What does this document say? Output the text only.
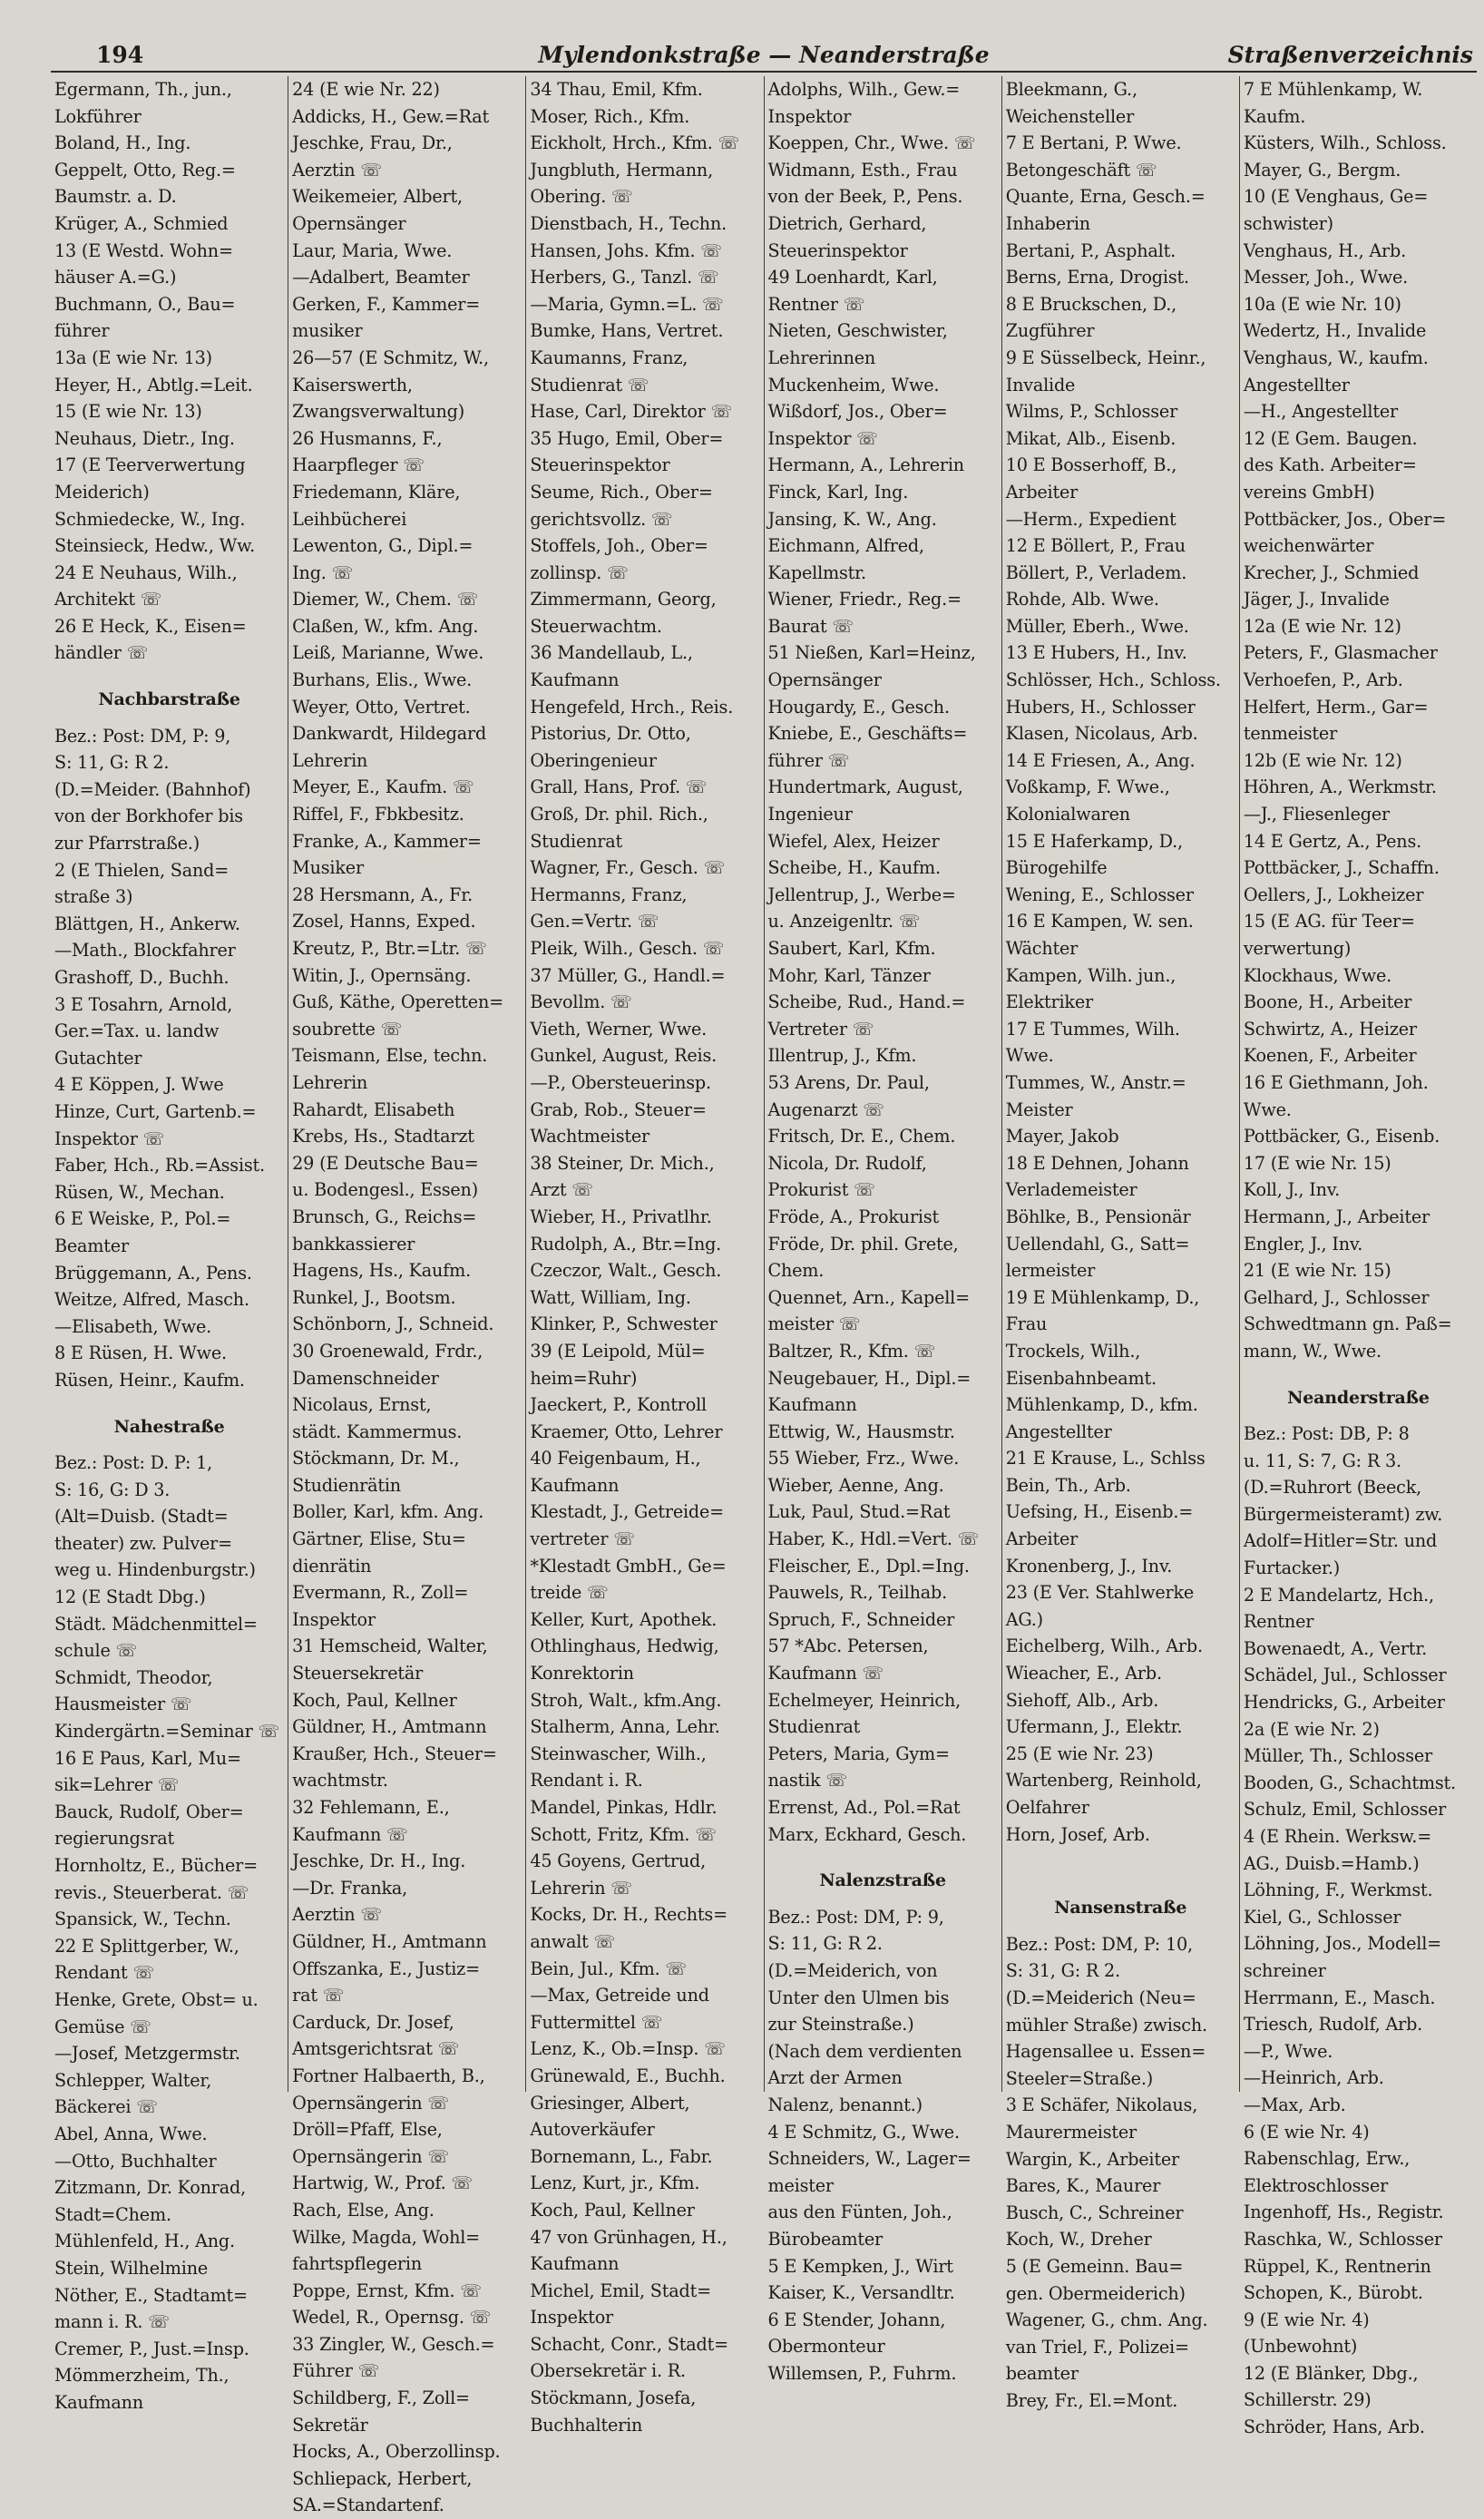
194	Mylendonkstraße — Neanderstraße	Straßenverzeichnis
Egermann, Th., jun.,
Lokführer
Boland, H., Ing.
Geppelt, Otto, Reg.=
Baumstr. a. D.
Krüger, A., Schmied
13 (E Westd. Wohn=
häuser A.=G.)
Buchmann, O., Bau=
führer
13a (E wie Nr. 13)
Heyer, H., Abtlg.=Leit.
15 (E wie Nr. 13)
Neuhaus, Dietr., Ing.
17 (E Teerverwertung
Meiderich)
Schmiedecke, W., Ing.
Steinsieck, Hedw., Ww.
24 E Neuhaus, Wilh.,
Architekt ☏
26 E Heck, K., Eisen=
händler ☏
Nachbarstraße
Bez.: Post: DM, P: 9,
S: 11, G: R 2.
(D.=Meider. (Bahnhof)
von der Borkhofer bis
zur Pfarrstraße.)
2 (E Thielen, Sand=
straße 3)
Blättgen, H., Ankerw.
—Math., Blockfahrer
Grashoff, D., Buchh.
3 E Tosahrn, Arnold,
Ger.=Tax. u. landw
Gutachter
4 E Köppen, J. Wwe
Hinze, Curt, Gartenb.=
Inspektor ☏
Faber, Hch., Rb.=Assist.
Rüsen, W., Mechan.
6 E Weiske, P., Pol.=
Beamter
Brüggemann, A., Pens.
Weitze, Alfred, Masch.
—Elisabeth, Wwe.
8 E Rüsen, H. Wwe.
Rüsen, Heinr., Kaufm.
Nahestraße
Bez.: Post: D. P: 1,
S: 16, G: D 3.
(Alt=Duisb. (Stadt=
theater) zw. Pulver=
weg u. Hindenburgstr.)
12 (E Stadt Dbg.)
Städt. Mädchenmittel=
schule ☏
Schmidt, Theodor,
Hausmeister ☏
Kindergärtn.=Seminar ☏
16 E Paus, Karl, Mu=
sik=Lehrer ☏
Bauck, Rudolf, Ober=
regierungsrat
Hornholtz, E., Bücher=
revis., Steuerberat. ☏
Spansick, W., Techn.
22 E Splittgerber, W.,
Rendant ☏
Henke, Grete, Obst= u.
Gemüse ☏
—Josef, Metzgermstr.
Schlepper, Walter,
Bäckerei ☏
Abel, Anna, Wwe.
—Otto, Buchhalter
Zitzmann, Dr. Konrad,
Stadt=Chem.
Mühlenfeld, H., Ang.
Stein, Wilhelmine
Nöther, E., Stadtamt=
mann i. R. ☏
Cremer, P., Just.=Insp.
Mömmerzheim, Th.,
Kaufmann
24 (E wie Nr. 22)
Addicks, H., Gew.=Rat
Jeschke, Frau, Dr.,
Aerztin ☏
Weikemeier, Albert,
Opernsänger
Laur, Maria, Wwe.
—Adalbert, Beamter
Gerken, F., Kammer=
musiker
26—57 (E Schmitz, W.,
Kaiserswerth,
Zwangsverwaltung)
26 Husmanns, F.,
Haarpfleger ☏
Friedemann, Kläre,
Leihbücherei
Lewenton, G., Dipl.=
Ing. ☏
Diemer, W., Chem. ☏
Claßen, W., kfm. Ang.
Leiß, Marianne, Wwe.
Burhans, Elis., Wwe.
Weyer, Otto, Vertret.
Dankwardt, Hildegard
Lehrerin
Meyer, E., Kaufm. ☏
Riffel, F., Fbkbesitz.
Franke, A., Kammer=
Musiker
28 Hersmann, A., Fr.
Zosel, Hanns, Exped.
Kreutz, P., Btr.=Ltr. ☏
Witin, J., Opernsäng.
Guß, Käthe, Operetten=
soubrette ☏
Teismann, Else, techn.
Lehrerin
Rahardt, Elisabeth
Krebs, Hs., Stadtarzt
29 (E Deutsche Bau=
u. Bodengesl., Essen)
Brunsch, G., Reichs=
bankkassierer
Hagens, Hs., Kaufm.
Runkel, J., Bootsm.
Schönborn, J., Schneid.
30 Groenewald, Frdr.,
Damenschneider
Nicolaus, Ernst,
städt. Kammermus.
Stöckmann, Dr. M.,
Studienrätin
Boller, Karl, kfm. Ang.
Gärtner, Elise, Stu=
dienrätin
Evermann, R., Zoll=
Inspektor
31 Hemscheid, Walter,
Steuersekretär
Koch, Paul, Kellner
Güldner, H., Amtmann
Kraußer, Hch., Steuer=
wachtmstr.
32 Fehlemann, E.,
Kaufmann ☏
Jeschke, Dr. H., Ing.
—Dr. Franka,
Aerztin ☏
Güldner, H., Amtmann
Offszanka, E., Justiz=
rat ☏
Carduck, Dr. Josef,
Amtsgerichtsrat ☏
Fortner Halbaerth, B.,
Opernsängerin ☏
Dröll=Pfaff, Else,
Opernsängerin ☏
Hartwig, W., Prof. ☏
Rach, Else, Ang.
Wilke, Magda, Wohl=
fahrtspflegerin
Poppe, Ernst, Kfm. ☏
Wedel, R., Opernsg. ☏
33 Zingler, W., Gesch.=
Führer ☏
Schildberg, F., Zoll=
Sekretär
Hocks, A., Oberzollinsp.
Schliepack, Herbert,
SA.=Standartenf.
34 Thau, Emil, Kfm.
Moser, Rich., Kfm.
Eickholt, Hrch., Kfm. ☏
Jungbluth, Hermann,
Obering. ☏
Dienstbach, H., Techn.
Hansen, Johs. Kfm. ☏
Herbers, G., Tanzl. ☏
—Maria, Gymn.=L. ☏
Bumke, Hans, Vertret.
Kaumanns, Franz,
Studienrat ☏
Hase, Carl, Direktor ☏
35 Hugo, Emil, Ober=
Steuerinspektor
Seume, Rich., Ober=
gerichtsvollz. ☏
Stoffels, Joh., Ober=
zollinsp. ☏
Zimmermann, Georg,
Steuerwachtm.
36 Mandellaub, L.,
Kaufmann
Hengefeld, Hrch., Reis.
Pistorius, Dr. Otto,
Oberingenieur
Grall, Hans, Prof. ☏
Groß, Dr. phil. Rich.,
Studienrat
Wagner, Fr., Gesch. ☏
Hermanns, Franz,
Gen.=Vertr. ☏
Pleik, Wilh., Gesch. ☏
37 Müller, G., Handl.=
Bevollm. ☏
Vieth, Werner, Wwe.
Gunkel, August, Reis.
—P., Obersteuerinsp.
Grab, Rob., Steuer=
Wachtmeister
38 Steiner, Dr. Mich.,
Arzt ☏
Wieber, H., Privatlhr.
Rudolph, A., Btr.=Ing.
Czeczor, Walt., Gesch.
Watt, William, Ing.
Klinker, P., Schwester
39 (E Leipold, Mül=
heim=Ruhr)
Jaeckert, P., Kontroll
Kraemer, Otto, Lehrer
40 Feigenbaum, H.,
Kaufmann
Klestadt, J., Getreide=
vertreter ☏
*Klestadt GmbH., Ge=
treide ☏
Keller, Kurt, Apothek.
Othlinghaus, Hedwig,
Konrektorin
Stroh, Walt., kfm.Ang.
Stalherm, Anna, Lehr.
Steinwascher, Wilh.,
Rendant i. R.
Mandel, Pinkas, Hdlr.
Schott, Fritz, Kfm. ☏
45 Goyens, Gertrud,
Lehrerin ☏
Kocks, Dr. H., Rechts=
anwalt ☏
Bein, Jul., Kfm. ☏
—Max, Getreide und
Futtermittel ☏
Lenz, K., Ob.=Insp. ☏
Grünewald, E., Buchh.
Griesinger, Albert,
Autoverkäufer
Bornemann, L., Fabr.
Lenz, Kurt, jr., Kfm.
Koch, Paul, Kellner
47 von Grünhagen, H.,
Kaufmann
Michel, Emil, Stadt=
Inspektor
Schacht, Conr., Stadt=
Obersekretär i. R.
Stöckmann, Josefa,
Buchhalterin
Adolphs, Wilh., Gew.=
Inspektor
Koeppen, Chr., Wwe. ☏
Widmann, Esth., Frau
von der Beek, P., Pens.
Dietrich, Gerhard,
Steuerinspektor
49 Loenhardt, Karl,
Rentner ☏
Nieten, Geschwister,
Lehrerinnen
Muckenheim, Wwe.
Wißdorf, Jos., Ober=
Inspektor ☏
Hermann, A., Lehrerin
Finck, Karl, Ing.
Jansing, K. W., Ang.
Eichmann, Alfred,
Kapellmstr.
Wiener, Friedr., Reg.=
Baurat ☏
51 Nießen, Karl=Heinz,
Opernsänger
Hougardy, E., Gesch.
Kniebe, E., Geschäfts=
führer ☏
Hundertmark, August,
Ingenieur
Wiefel, Alex, Heizer
Scheibe, H., Kaufm.
Jellentrup, J., Werbe=
u. Anzeigenltr. ☏
Saubert, Karl, Kfm.
Mohr, Karl, Tänzer
Scheibe, Rud., Hand.=
Vertreter ☏
Illentrup, J., Kfm.
53 Arens, Dr. Paul,
Augenarzt ☏
Fritsch, Dr. E., Chem.
Nicola, Dr. Rudolf,
Prokurist ☏
Fröde, A., Prokurist
Fröde, Dr. phil. Grete,
Chem.
Quennet, Arn., Kapell=
meister ☏
Baltzer, R., Kfm. ☏
Neugebauer, H., Dipl.=
Kaufmann
Ettwig, W., Hausmstr.
55 Wieber, Frz., Wwe.
Wieber, Aenne, Ang.
Luk, Paul, Stud.=Rat
Haber, K., Hdl.=Vert. ☏
Fleischer, E., Dpl.=Ing.
Pauwels, R., Teilhab.
Spruch, F., Schneider
57 *Abc. Petersen,
Kaufmann ☏
Echelmeyer, Heinrich,
Studienrat
Peters, Maria, Gym=
nastik ☏
Errenst, Ad., Pol.=Rat
Marx, Eckhard, Gesch.
Nalenzstraße
Bez.: Post: DM, P: 9,
S: 11, G: R 2.
(D.=Meiderich, von
Unter den Ulmen bis
zur Steinstraße.)
(Nach dem verdienten
Arzt der Armen
Nalenz, benannt.)
4 E Schmitz, G., Wwe.
Schneiders, W., Lager=
meister
aus den Fünten, Joh.,
Bürobeamter
5 E Kempken, J., Wirt
Kaiser, K., Versandltr.
6 E Stender, Johann,
Obermonteur
Willemsen, P., Fuhrm.
Bleekmann, G.,
Weichensteller
7 E Bertani, P. Wwe.
Betongeschäft ☏
Quante, Erna, Gesch.=
Inhaberin
Bertani, P., Asphalt.
Berns, Erna, Drogist.
8 E Bruckschen, D.,
Zugführer
9 E Süsselbeck, Heinr.,
Invalide
Wilms, P., Schlosser
Mikat, Alb., Eisenb.
10 E Bosserhoff, B.,
Arbeiter
—Herm., Expedient
12 E Böllert, P., Frau
Böllert, P., Verladem.
Rohde, Alb. Wwe.
Müller, Eberh., Wwe.
13 E Hubers, H., Inv.
Schlösser, Hch., Schloss.
Hubers, H., Schlosser
Klasen, Nicolaus, Arb.
14 E Friesen, A., Ang.
Voßkamp, F. Wwe.,
Kolonialwaren
15 E Haferkamp, D.,
Bürogehilfe
Wening, E., Schlosser
16 E Kampen, W. sen.
Wächter
Kampen, Wilh. jun.,
Elektriker
17 E Tummes, Wilh.
Wwe.
Tummes, W., Anstr.=
Meister
Mayer, Jakob
18 E Dehnen, Johann
Verlademeister
Böhlke, B., Pensionär
Uellendahl, G., Satt=
lermeister
19 E Mühlenkamp, D.,
Frau
Trockels, Wilh.,
Eisenbahnbeamt.
Mühlenkamp, D., kfm.
Angestellter
21 E Krause, L., Schlss
Bein, Th., Arb.
Uefsing, H., Eisenb.=
Arbeiter
Kronenberg, J., Inv.
23 (E Ver. Stahlwerke
AG.)
Eichelberg, Wilh., Arb.
Wieacher, E., Arb.
Siehoff, Alb., Arb.
Ufermann, J., Elektr.
25 (E wie Nr. 23)
Wartenberg, Reinhold,
Oelfahrer
Horn, Josef, Arb.
Nansenstraße
Bez.: Post: DM, P: 10,
S: 31, G: R 2.
(D.=Meiderich (Neu=
mühler Straße) zwisch.
Hagensallee u. Essen=
Steeler=Straße.)
3 E Schäfer, Nikolaus,
Maurermeister
Wargin, K., Arbeiter
Bares, K., Maurer
Busch, C., Schreiner
Koch, W., Dreher
5 (E Gemeinn. Bau=
gen. Obermeiderich)
Wagener, G., chm. Ang.
van Triel, F., Polizei=
beamter
Brey, Fr., El.=Mont.
7 E Mühlenkamp, W.
Kaufm.
Küsters, Wilh., Schloss.
Mayer, G., Bergm.
10 (E Venghaus, Ge=
schwister)
Venghaus, H., Arb.
Messer, Joh., Wwe.
10a (E wie Nr. 10)
Wedertz, H., Invalide
Venghaus, W., kaufm.
Angestellter
—H., Angestellter
12 (E Gem. Baugen.
des Kath. Arbeiter=
vereins GmbH)
Pottbäcker, Jos., Ober=
weichenwärter
Krecher, J., Schmied
Jäger, J., Invalide
12a (E wie Nr. 12)
Peters, F., Glasmacher
Verhoefen, P., Arb.
Helfert, Herm., Gar=
tenmeister
12b (E wie Nr. 12)
Höhren, A., Werkmstr.
—J., Fliesenleger
14 E Gertz, A., Pens.
Pottbäcker, J., Schaffn.
Oellers, J., Lokheizer
15 (E AG. für Teer=
verwertung)
Klockhaus, Wwe.
Boone, H., Arbeiter
Schwirtz, A., Heizer
Koenen, F., Arbeiter
16 E Giethmann, Joh.
Wwe.
Pottbäcker, G., Eisenb.
17 (E wie Nr. 15)
Koll, J., Inv.
Hermann, J., Arbeiter
Engler, J., Inv.
21 (E wie Nr. 15)
Gelhard, J., Schlosser
Schwedtmann gn. Paß=
mann, W., Wwe.
Neanderstraße
Bez.: Post: DB, P: 8
u. 11, S: 7, G: R 3.
(D.=Ruhrort (Beeck,
Bürgermeisteramt) zw.
Adolf=Hitler=Str. und
Furtacker.)
2 E Mandelartz, Hch.,
Rentner
Bowenaedt, A., Vertr.
Schädel, Jul., Schlosser
Hendricks, G., Arbeiter
2a (E wie Nr. 2)
Müller, Th., Schlosser
Booden, G., Schachtmst.
Schulz, Emil, Schlosser
4 (E Rhein. Werksw.=
AG., Duisb.=Hamb.)
Löhning, F., Werkmst.
Kiel, G., Schlosser
Löhning, Jos., Modell=
schreiner
Herrmann, E., Masch.
Triesch, Rudolf, Arb.
—P., Wwe.
—Heinrich, Arb.
—Max, Arb.
6 (E wie Nr. 4)
Rabenschlag, Erw.,
Elektroschlosser
Ingenhoff, Hs., Registr.
Raschka, W., Schlosser
Rüppel, K., Rentnerin
Schopen, K., Bürobt.
9 (E wie Nr. 4)
(Unbewohnt)
12 (E Blänker, Dbg.,
Schillerstr. 29)
Schröder, Hans, Arb.
